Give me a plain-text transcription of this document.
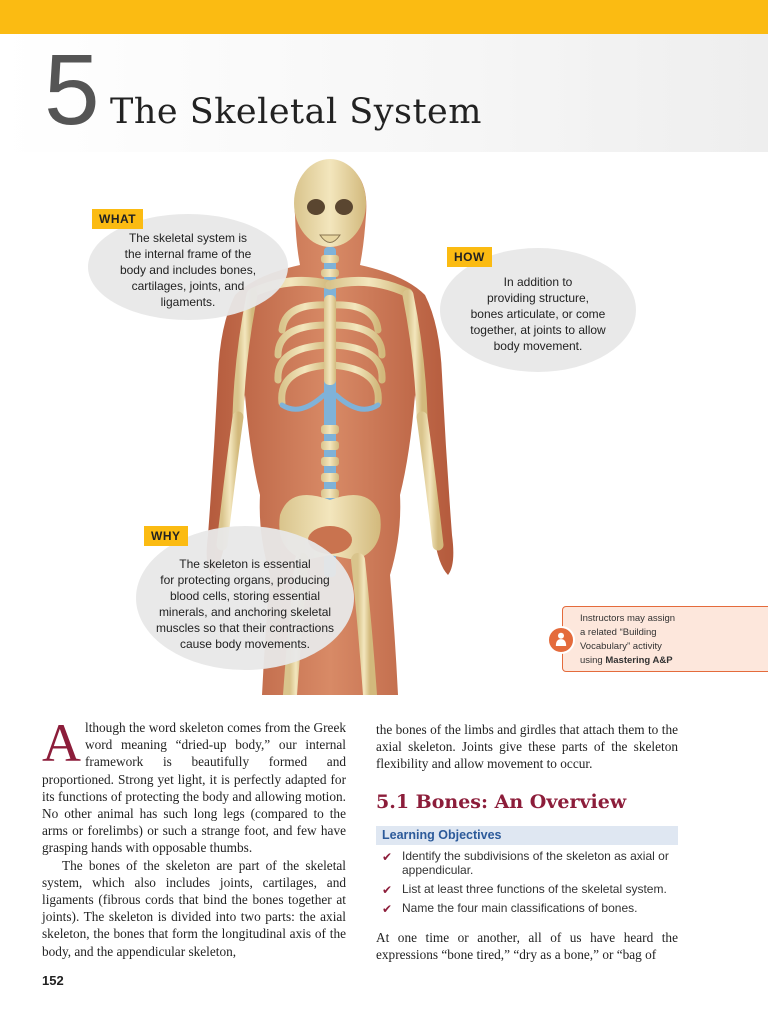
5 The Skeletal System
The skeletal system is
the internal frame of the
body and includes bones,
cartilages, joints, and
ligaments.
WHAT
In addition to
providing structure,
bones articulate, or come
together, at joints to allow
body movement.
HOW
The skeleton is essential
for protecting organs, producing
blood cells, storing essential
minerals, and anchoring skeletal
muscles so that their contractions
cause body movements.
WHY
Instructors may assign
a related “Building
Vocabulary” activity
using Mastering A&P

Although the word skeleton comes from the Greek word meaning “dried-up body,” our internal framework is beautifully formed and proportioned. Strong yet light, it is perfectly adapted for its functions of protecting the body and allowing motion. No other animal has such long legs (compared to the arms or forelimbs) or such a strange foot, and few have grasping hands with opposable thumbs.

The bones of the skeleton are part of the skeletal system, which also includes joints, cartilages, and ligaments (fibrous cords that bind the bones together at joints). The skeleton is divided into two parts: the axial skeleton, the bones that form the longitudinal axis of the body, and the appendicular skeleton,

the bones of the limbs and girdles that attach them to the axial skeleton. Joints give these parts of the skeleton flexibility and allow movement to occur.

5.1 Bones: An Overview
Learning Objectives
✔ Identify the subdivisions of the skeleton as axial or appendicular.
✔ List at least three functions of the skeletal system.
✔ Name the four main classifications of bones.

At one time or another, all of us have heard the expressions “bone tired,” “dry as a bone,” or “bag of

152
